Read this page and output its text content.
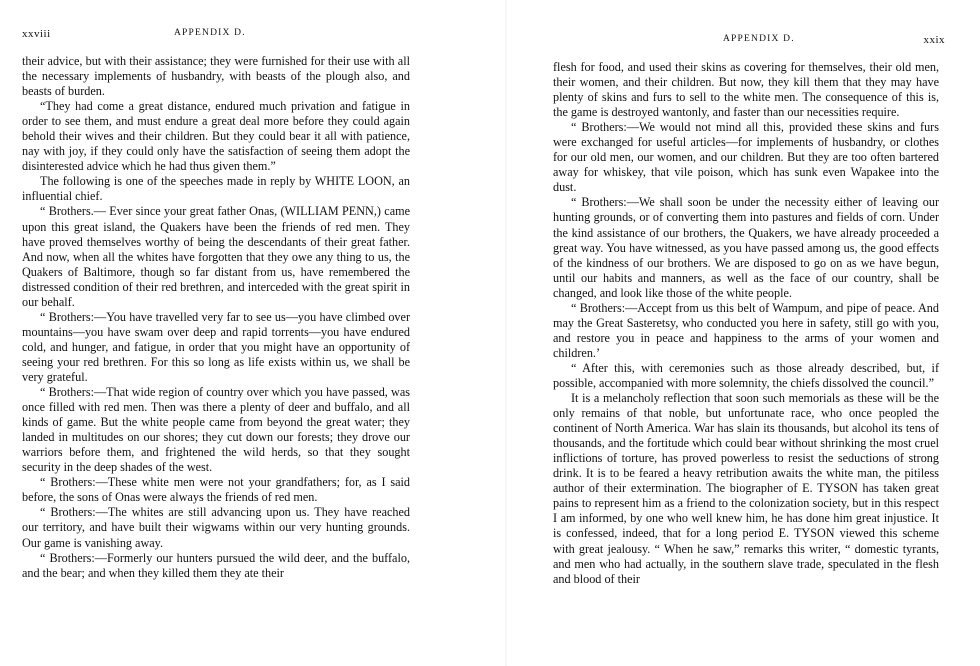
xxviii	APPENDIX D.

their advice, but with their assistance; they were furnished for their use with all the necessary implements of husbandry, with beasts of the plough also, and beasts of burden.

“They had come a great distance, endured much privation and fatigue in order to see them, and must endure a great deal more before they could again behold their wives and their children. But they could bear it all with patience, nay with joy, if they could only have the satisfaction of seeing them adopt the disinterested advice which he had thus given them.”

The following is one of the speeches made in reply by WHITE LOON, an influential chief.

“ Brothers.— Ever since your great father Onas, (WILLIAM PENN,) came upon this great island, the Quakers have been the friends of red men. They have proved themselves worthy of being the descendants of their great father. And now, when all the whites have forgotten that they owe any thing to us, the Quakers of Baltimore, though so far distant from us, have remembered the distressed condition of their red brethren, and interceded with the great spirit in our behalf.

“ Brothers:—You have travelled very far to see us—you have climbed over mountains—you have swam over deep and rapid torrents—you have endured cold, and hunger, and fatigue, in order that you might have an opportunity of seeing your red brethren. For this so long as life exists within us, we shall be very grateful.

“ Brothers:—That wide region of country over which you have passed, was once filled with red men. Then was there a plenty of deer and buffalo, and all kinds of game. But the white people came from beyond the great water; they landed in multitudes on our shores; they cut down our forests; they drove our warriors before them, and frightened the wild herds, so that they sought security in the deep shades of the west.

“ Brothers:—These white men were not your grandfathers; for, as I said before, the sons of Onas were always the friends of red men.

“ Brothers:—The whites are still advancing upon us. They have reached our territory, and have built their wigwams within our very hunting grounds. Our game is vanishing away.

“ Brothers:—Formerly our hunters pursued the wild deer, and the buffalo, and the bear; and when they killed them they ate their

APPENDIX D.	xxix

flesh for food, and used their skins as covering for themselves, their old men, their women, and their children. But now, they kill them that they may have plenty of skins and furs to sell to the white men. The consequence of this is, the game is destroyed wantonly, and faster than our necessities require.

“ Brothers:—We would not mind all this, provided these skins and furs were exchanged for useful articles—for implements of husbandry, or clothes for our old men, our women, and our children. But they are too often bartered away for whiskey, that vile poison, which has sunk even Wapakee into the dust.

“ Brothers:—We shall soon be under the necessity either of leaving our hunting grounds, or of converting them into pastures and fields of corn. Under the kind assistance of our brothers, the Quakers, we have already proceeded a great way. You have witnessed, as you have passed among us, the good effects of the kindness of our brothers. We are disposed to go on as we have begun, until our habits and manners, as well as the face of our country, shall be changed, and look like those of the white people.

“ Brothers:—Accept from us this belt of Wampum, and pipe of peace. And may the Great Sasteretsy, who conducted you here in safety, still go with you, and restore you in peace and happiness to the arms of your women and children.’

“ After this, with ceremonies such as those already described, but, if possible, accompanied with more solemnity, the chiefs dissolved the council.”

It is a melancholy reflection that soon such memorials as these will be the only remains of that noble, but unfortunate race, who once peopled the continent of North America. War has slain its thousands, but alcohol its tens of thousands, and the fortitude which could bear without shrinking the most cruel inflictions of torture, has proved powerless to resist the seductions of strong drink. It is to be feared a heavy retribution awaits the white man, the pitiless author of their extermination. The biographer of E. TYSON has taken great pains to represent him as a friend to the colonization society, but in this respect I am informed, by one who well knew him, he has done him great injustice. It is confessed, indeed, that for a long period E. TYSON viewed this scheme with great jealousy. “ When he saw,” remarks this writer, “ domestic tyrants, and men who had actually, in the southern slave trade, speculated in the flesh and blood of their
